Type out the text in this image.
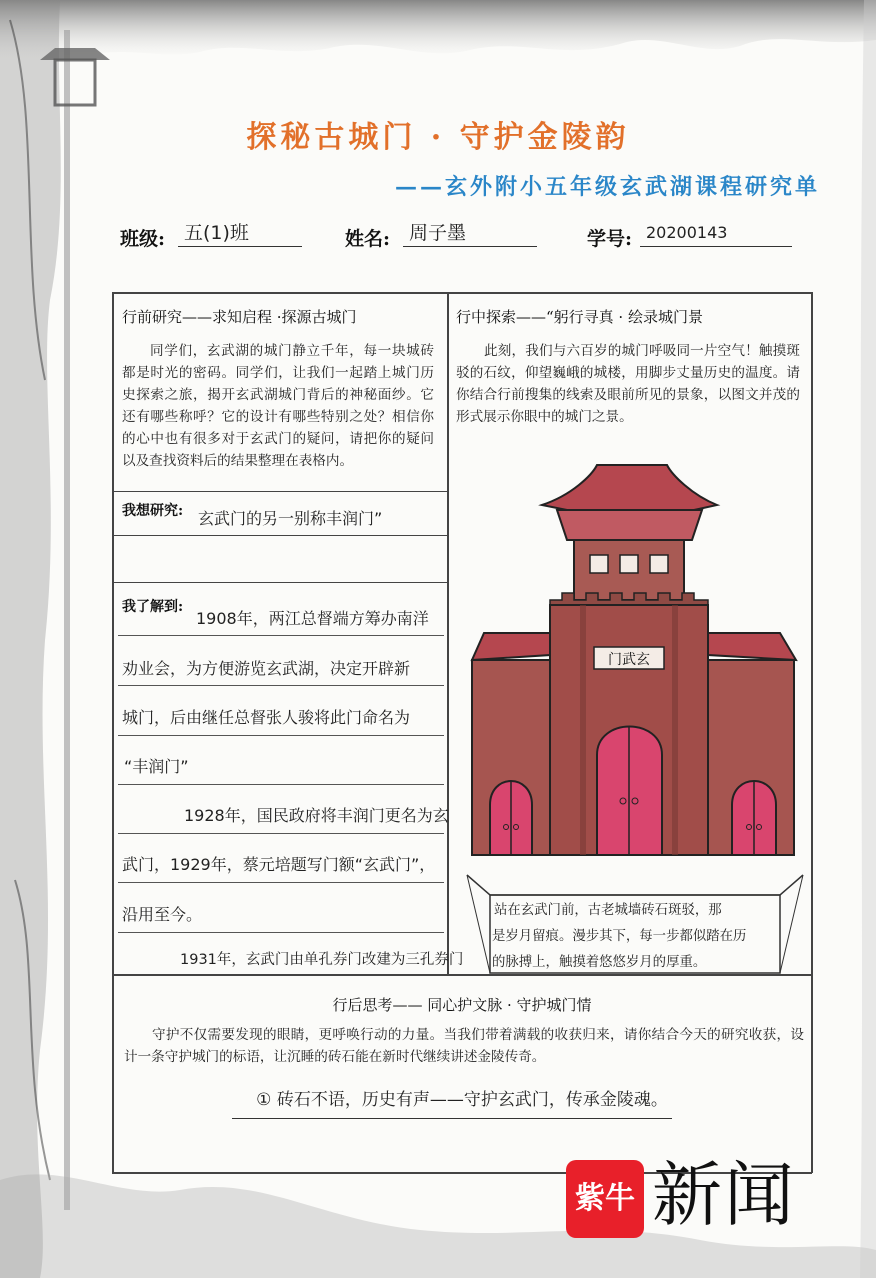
探秘古城门 · 守护金陵韵
——玄外附小五年级玄武湖课程研究单
班级: 五(1)班	姓名: 周子墨	学号: 20200143
行前研究——求知启程 ·探源古城门
同学们，玄武湖的城门静立千年，每一块城砖都是时光的密码。同学们，让我们一起踏上城门历史探索之旅，揭开玄武湖城门背后的神秘面纱。它还有哪些称呼？它的设计有哪些特别之处？相信你的心中也有很多对于玄武门的疑问，请把你的疑问以及查找资料后的结果整理在表格内。
我想研究: 玄武门的另一别称丰润门”
我了解到:
1908年，两江总督端方筹办南洋
劝业会，为方便游览玄武湖，决定开辟新
城门，后由继任总督张人骏将此门命名为
“丰润门”
1928年，国民政府将丰润门更名为玄
武门，1929年，蔡元培题写门额“玄武门”，
沿用至今。
1931年，玄武门由单孔券门改建为三孔券门
行中探索——“躬行寻真 · 绘录城门景
此刻，我们与六百岁的城门呼吸同一片空气！触摸斑驳的石纹，仰望巍峨的城楼，用脚步丈量历史的温度。请你结合行前搜集的线索及眼前所见的景象，以图文并茂的形式展示你眼中的城门之景。
门武玄
站在玄武门前，古老城墙砖石斑驳，那
是岁月留痕。漫步其下，每一步都似踏在历
的脉搏上，触摸着悠悠岁月的厚重。
行后思考—— 同心护文脉 · 守护城门情
守护不仅需要发现的眼睛，更呼唤行动的力量。当我们带着满载的收获归来，请你结合今天的研究收获，设计一条守护城门的标语，让沉睡的砖石能在新时代继续讲述金陵传奇。
① 砖石不语，历史有声——守护玄武门，传承金陵魂。
紫牛 新闻
